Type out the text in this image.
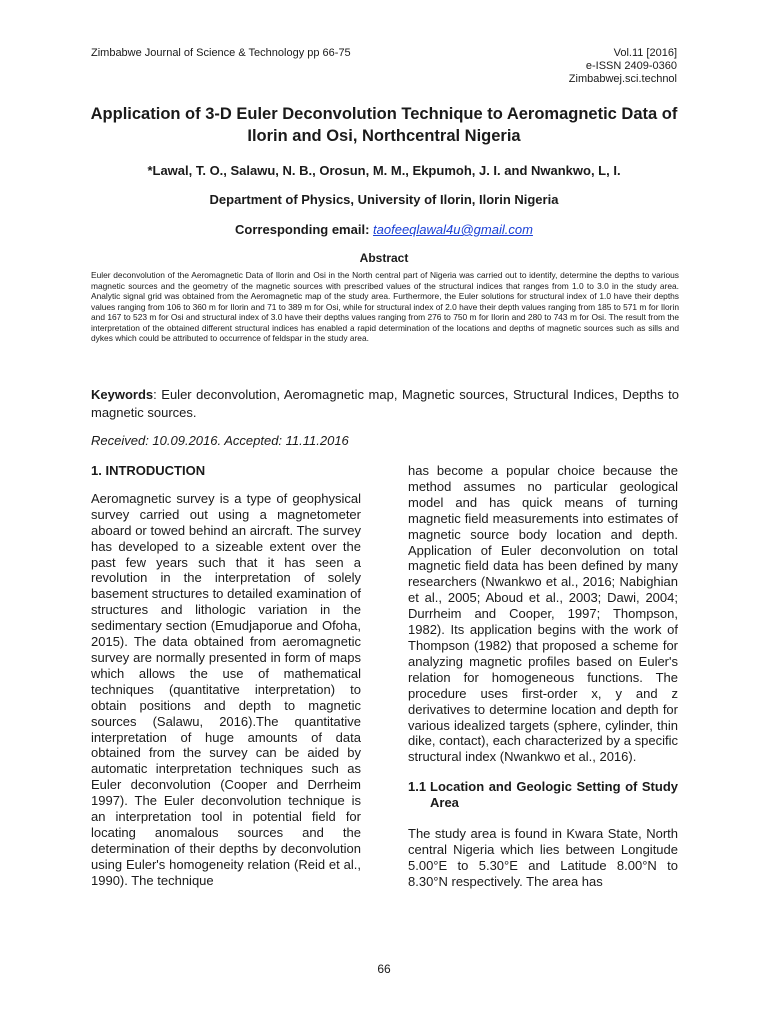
Zimbabwe Journal of Science & Technology pp 66-75	Vol.11 [2016]
e-ISSN 2409-0360
Zimbabwej.sci.technol
Application of 3-D Euler Deconvolution Technique to Aeromagnetic Data of Ilorin and Osi, Northcentral Nigeria
*Lawal, T. O., Salawu, N. B., Orosun, M. M., Ekpumoh, J. I. and Nwankwo, L, I.
Department of Physics, University of Ilorin, Ilorin Nigeria
Corresponding email: taofeeqlawal4u@gmail.com
Abstract
Euler deconvolution of the Aeromagnetic Data of Ilorin and Osi in the North central part of Nigeria was carried out to identify, determine the depths to various magnetic sources and the geometry of the magnetic sources with prescribed values of the structural indices that ranges from 1.0 to 3.0 in the study area. Analytic signal grid was obtained from the Aeromagnetic map of the study area. Furthermore, the Euler solutions for structural index of 1.0 have their depths values ranging from 106 to 360 m for Ilorin and 71 to 389 m for Osi, while for structural index of 2.0 have their depth values ranging from 185 to 571 m for Ilorin and 167 to 523 m for Osi and structural index of 3.0 have their depths values ranging from 276 to 750 m for Ilorin and 280 to 743 m for Osi. The result from the interpretation of the obtained different structural indices has enabled a rapid determination of the locations and depths of magnetic sources such as sills and dykes which could be attributed to occurrence of feldspar in the study area.
Keywords: Euler deconvolution, Aeromagnetic map, Magnetic sources, Structural Indices, Depths to magnetic sources.
Received: 10.09.2016. Accepted: 11.11.2016
1. INTRODUCTION

Aeromagnetic survey is a type of geophysical survey carried out using a magnetometer aboard or towed behind an aircraft. The survey has developed to a sizeable extent over the past few years such that it has seen a revolution in the interpretation of solely basement structures to detailed examination of structures and lithologic variation in the sedimentary section (Emudjaporue and Ofoha, 2015). The data obtained from aeromagnetic survey are normally presented in form of maps which allows the use of mathematical techniques (quantitative interpretation) to obtain positions and depth to magnetic sources (Salawu, 2016).The quantitative interpretation of huge amounts of data obtained from the survey can be aided by automatic interpretation techniques such as Euler deconvolution (Cooper and Derrheim 1997). The Euler deconvolution technique is an interpretation tool in potential field for locating anomalous sources and the determination of their depths by deconvolution using Euler's homogeneity relation (Reid et al., 1990). The technique

has become a popular choice because the method assumes no particular geological model and has quick means of turning magnetic field measurements into estimates of magnetic source body location and depth. Application of Euler deconvolution on total magnetic field data has been defined by many researchers (Nwankwo et al., 2016; Nabighian et al., 2005; Aboud et al., 2003; Dawi, 2004; Durrheim and Cooper, 1997; Thompson, 1982). Its application begins with the work of Thompson (1982) that proposed a scheme for analyzing magnetic profiles based on Euler's relation for homogeneous functions. The procedure uses first-order x, y and z derivatives to determine location and depth for various idealized targets (sphere, cylinder, thin dike, contact), each characterized by a specific structural index (Nwankwo et al., 2016).

1.1 Location and Geologic Setting of Study Area

The study area is found in Kwara State, North central Nigeria which lies between Longitude 5.00°E to 5.30°E and Latitude 8.00°N to 8.30°N respectively. The area has

66
